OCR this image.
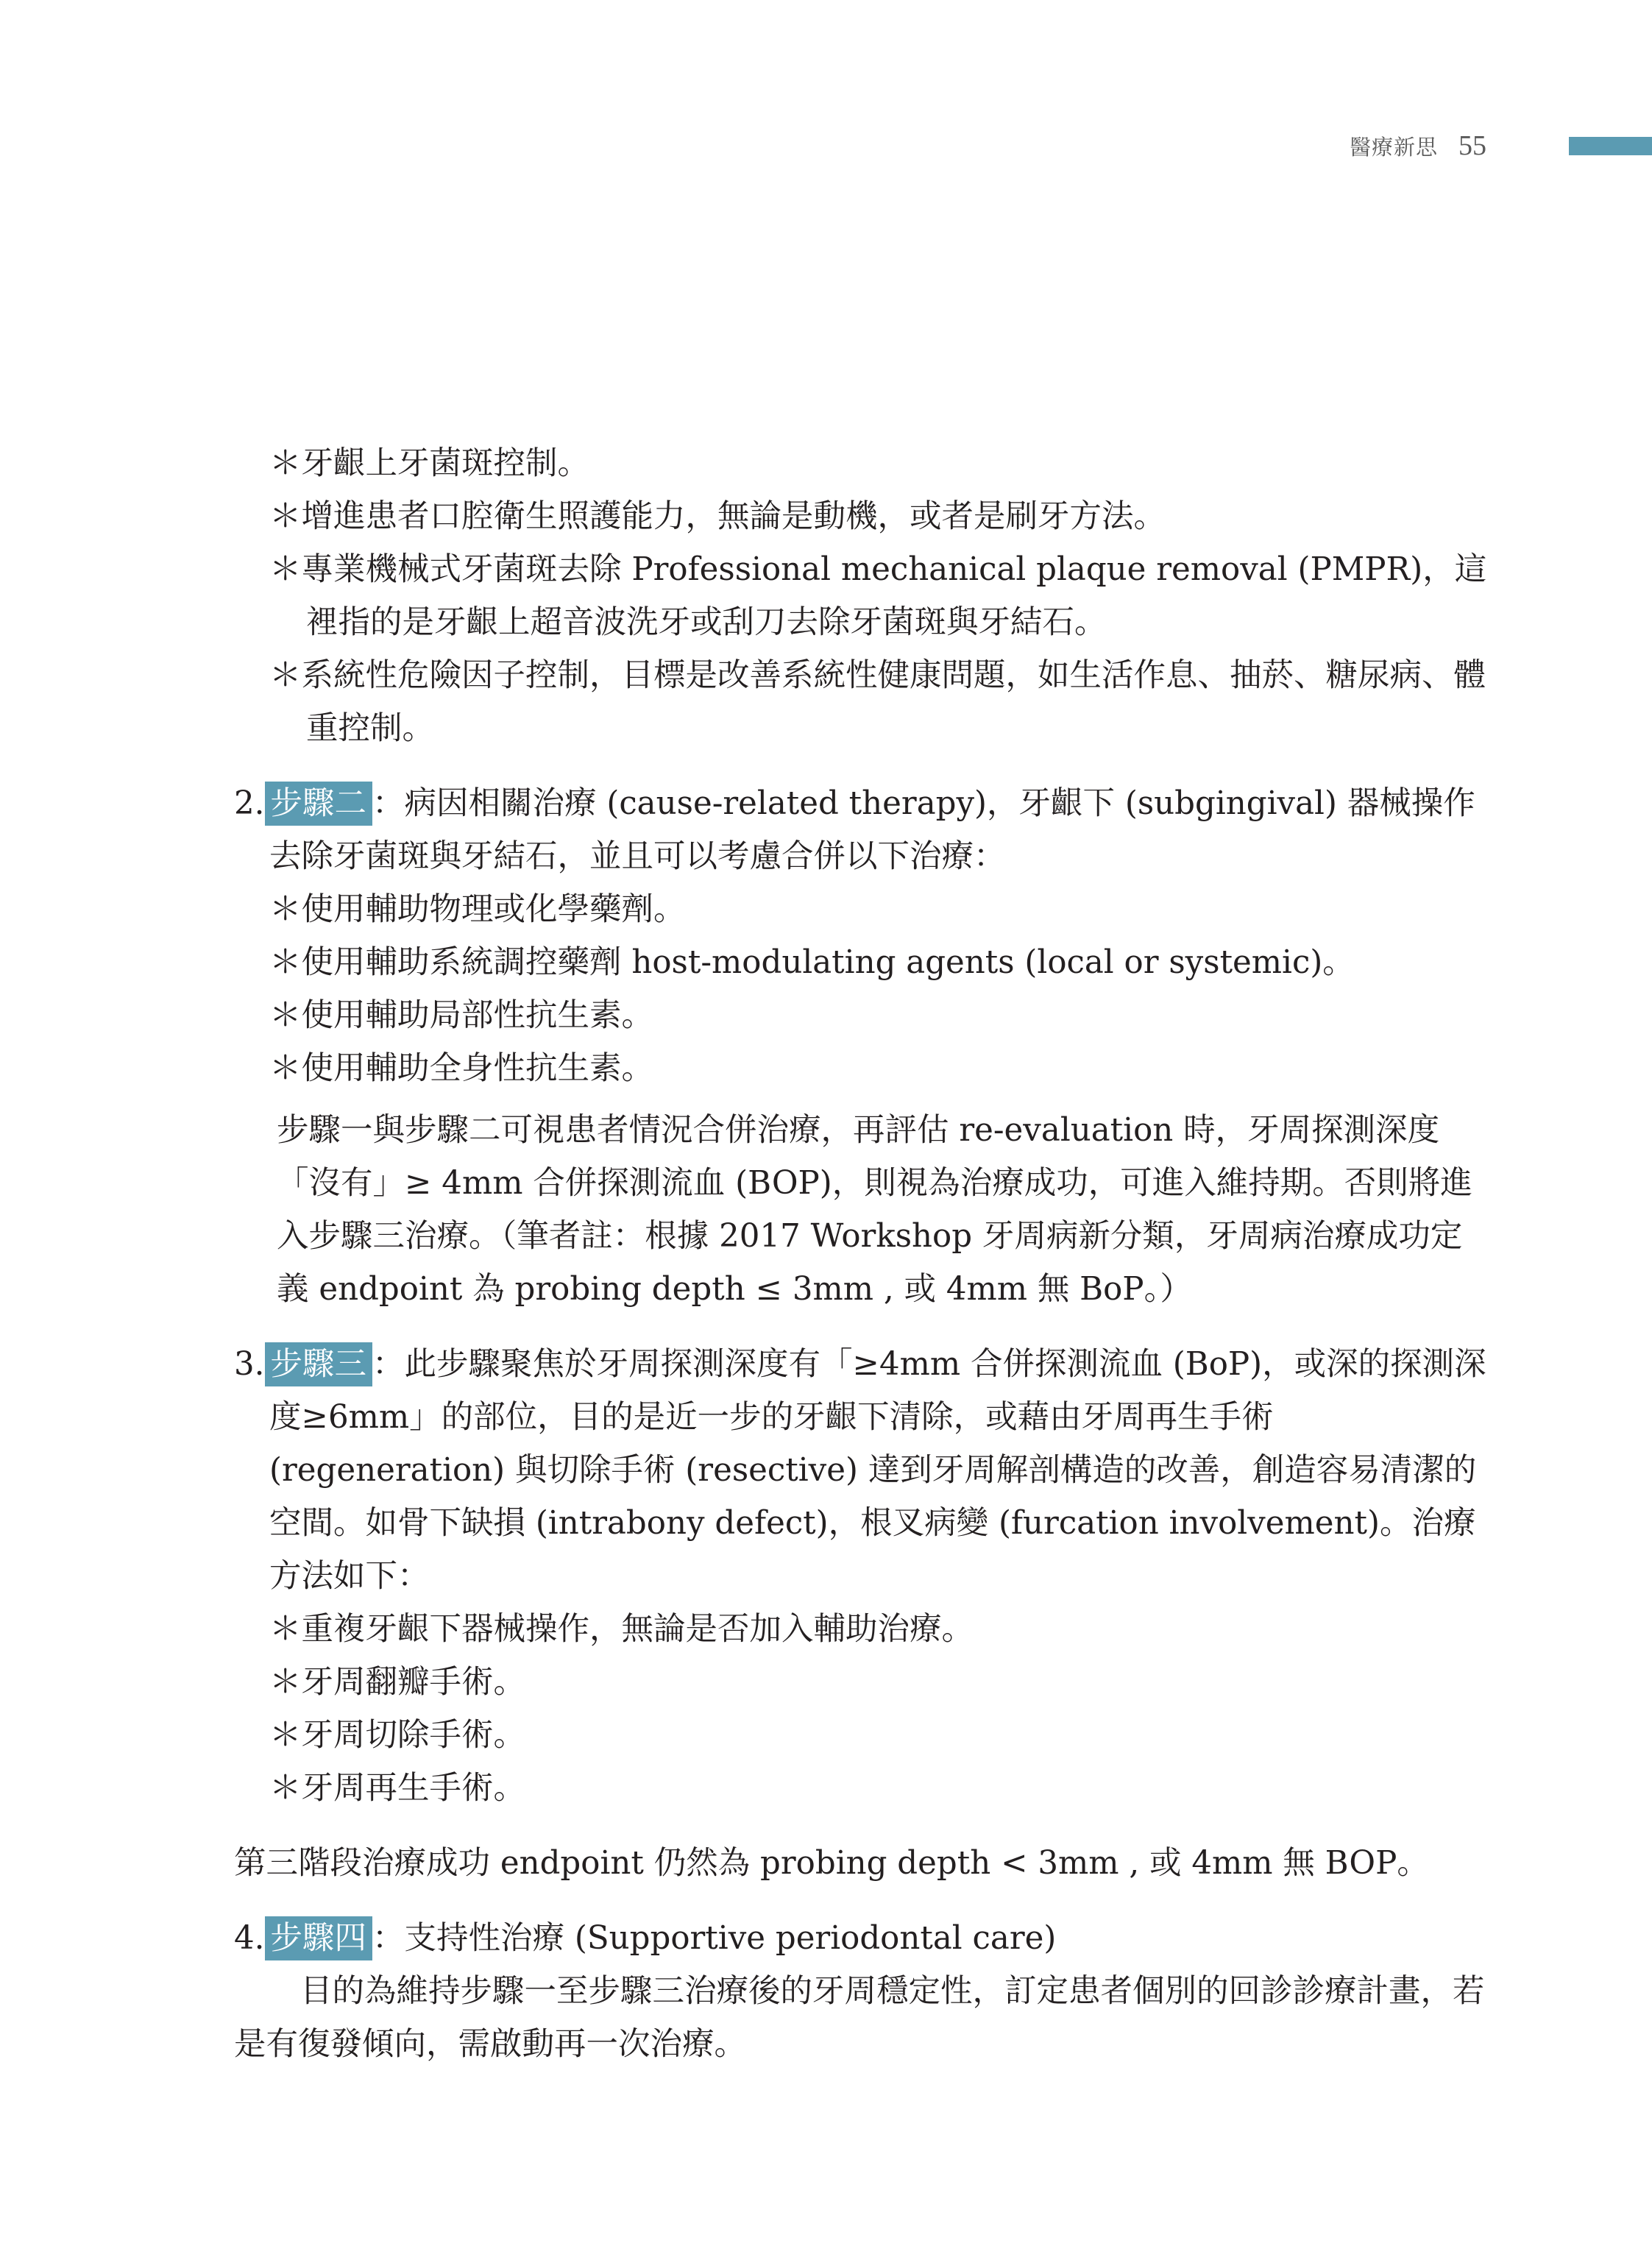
醫療新思 55
＊牙齦上牙菌斑控制。
＊增進患者口腔衛生照護能力，無論是動機，或者是刷牙方法。
＊專業機械式牙菌斑去除 Professional mechanical plaque removal (PMPR)，這裡指的是牙齦上超音波洗牙或刮刀去除牙菌斑與牙結石。
＊系統性危險因子控制，目標是改善系統性健康問題，如生活作息、抽菸、糖尿病、體重控制。
2. 步驟二 ：病因相關治療 (cause-related therapy)，牙齦下 (subgingival) 器械操作去除牙菌斑與牙結石，並且可以考慮合併以下治療：
＊使用輔助物理或化學藥劑。
＊使用輔助系統調控藥劑 host-modulating agents (local or systemic)。
＊使用輔助局部性抗生素。
＊使用輔助全身性抗生素。
步驟一與步驟二可視患者情況合併治療，再評估 re-evaluation 時，牙周探測深度「沒有」≥ 4mm 合併探測流血 (BOP)，則視為治療成功，可進入維持期。否則將進入步驟三治療。（筆者註：根據 2017 Workshop 牙周病新分類，牙周病治療成功定義 endpoint 為 probing depth ≤ 3mm , 或 4mm 無 BoP。）
3. 步驟三 ：此步驟聚焦於牙周探測深度有「≥4mm 合併探測流血 (BoP)，或深的探測深度≥6mm」的部位，目的是近一步的牙齦下清除，或藉由牙周再生手術 (regeneration) 與切除手術 (resective) 達到牙周解剖構造的改善，創造容易清潔的空間。如骨下缺損 (intrabony defect)，根叉病變 (furcation involvement)。治療方法如下：
＊重複牙齦下器械操作，無論是否加入輔助治療。
＊牙周翻瓣手術。
＊牙周切除手術。
＊牙周再生手術。
第三階段治療成功 endpoint 仍然為 probing depth < 3mm , 或 4mm 無 BOP。
4. 步驟四 ：支持性治療 (Supportive periodontal care)
目的為維持步驟一至步驟三治療後的牙周穩定性，訂定患者個別的回診診療計畫，若是有復發傾向，需啟動再一次治療。
